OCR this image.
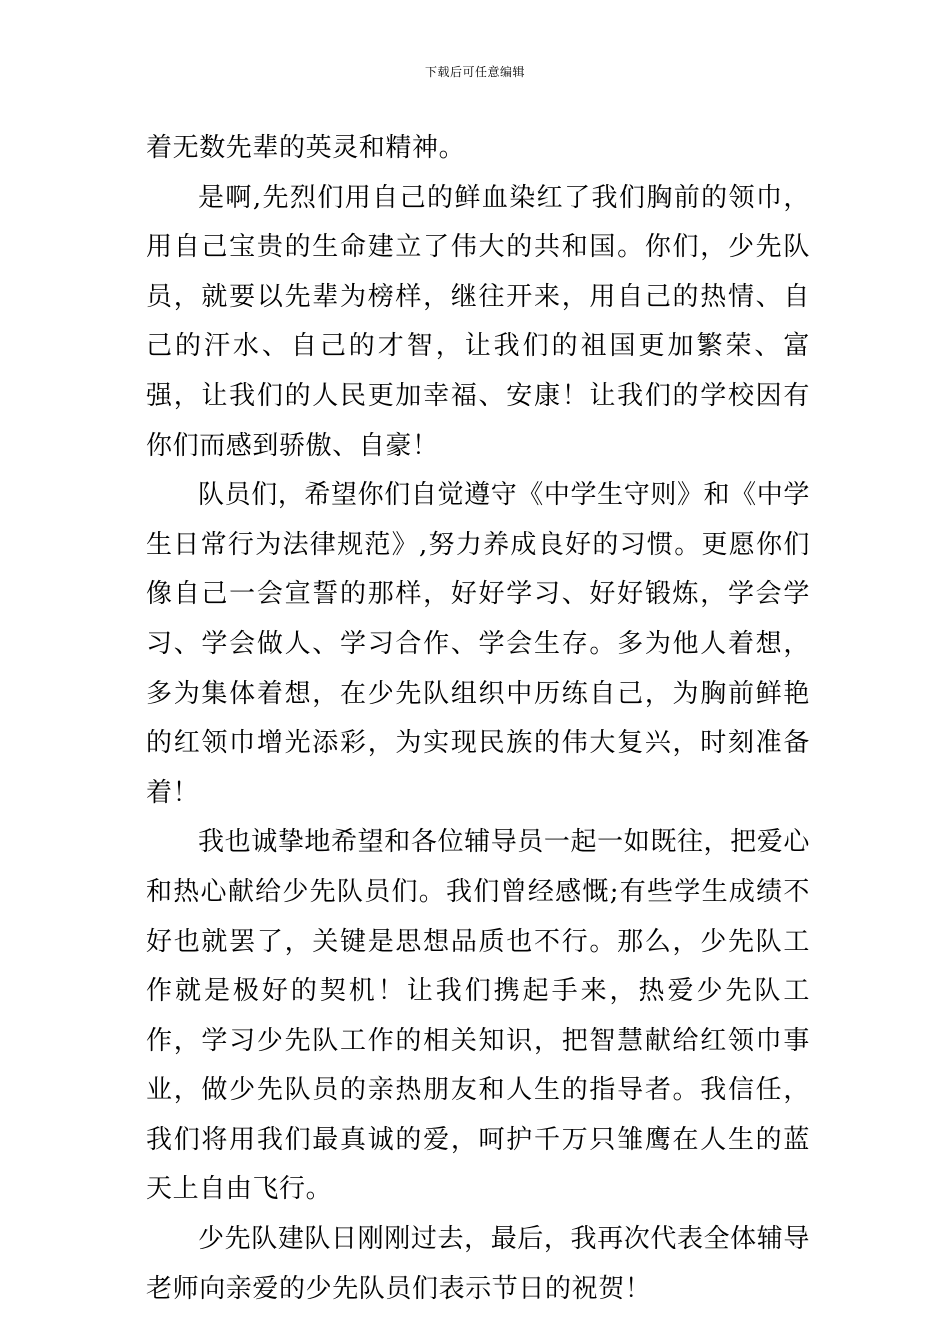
下载后可任意编辑

着无数先辈的英灵和精神。

是啊,先烈们用自己的鲜血染红了我们胸前的领巾，用自己宝贵的生命建立了伟大的共和国。你们，少先队员，就要以先辈为榜样，继往开来，用自己的热情、自己的汗水、自己的才智，让我们的祖国更加繁荣、富强，让我们的人民更加幸福、安康！让我们的学校因有你们而感到骄傲、自豪！

队员们，希望你们自觉遵守《中学生守则》和《中学生日常行为法律规范》,努力养成良好的习惯。更愿你们像自己一会宣誓的那样，好好学习、好好锻炼，学会学习、学会做人、学习合作、学会生存。多为他人着想，多为集体着想，在少先队组织中历练自己，为胸前鲜艳的红领巾增光添彩，为实现民族的伟大复兴，时刻准备着！

我也诚挚地希望和各位辅导员一起一如既往，把爱心和热心献给少先队员们。我们曾经感慨;有些学生成绩不好也就罢了，关键是思想品质也不行。那么，少先队工作就是极好的契机！让我们携起手来，热爱少先队工作，学习少先队工作的相关知识，把智慧献给红领巾事业，做少先队员的亲热朋友和人生的指导者。我信任，我们将用我们最真诚的爱，呵护千万只雏鹰在人生的蓝天上自由飞行。

少先队建队日刚刚过去，最后，我再次代表全体辅导老师向亲爱的少先队员们表示节日的祝贺！
